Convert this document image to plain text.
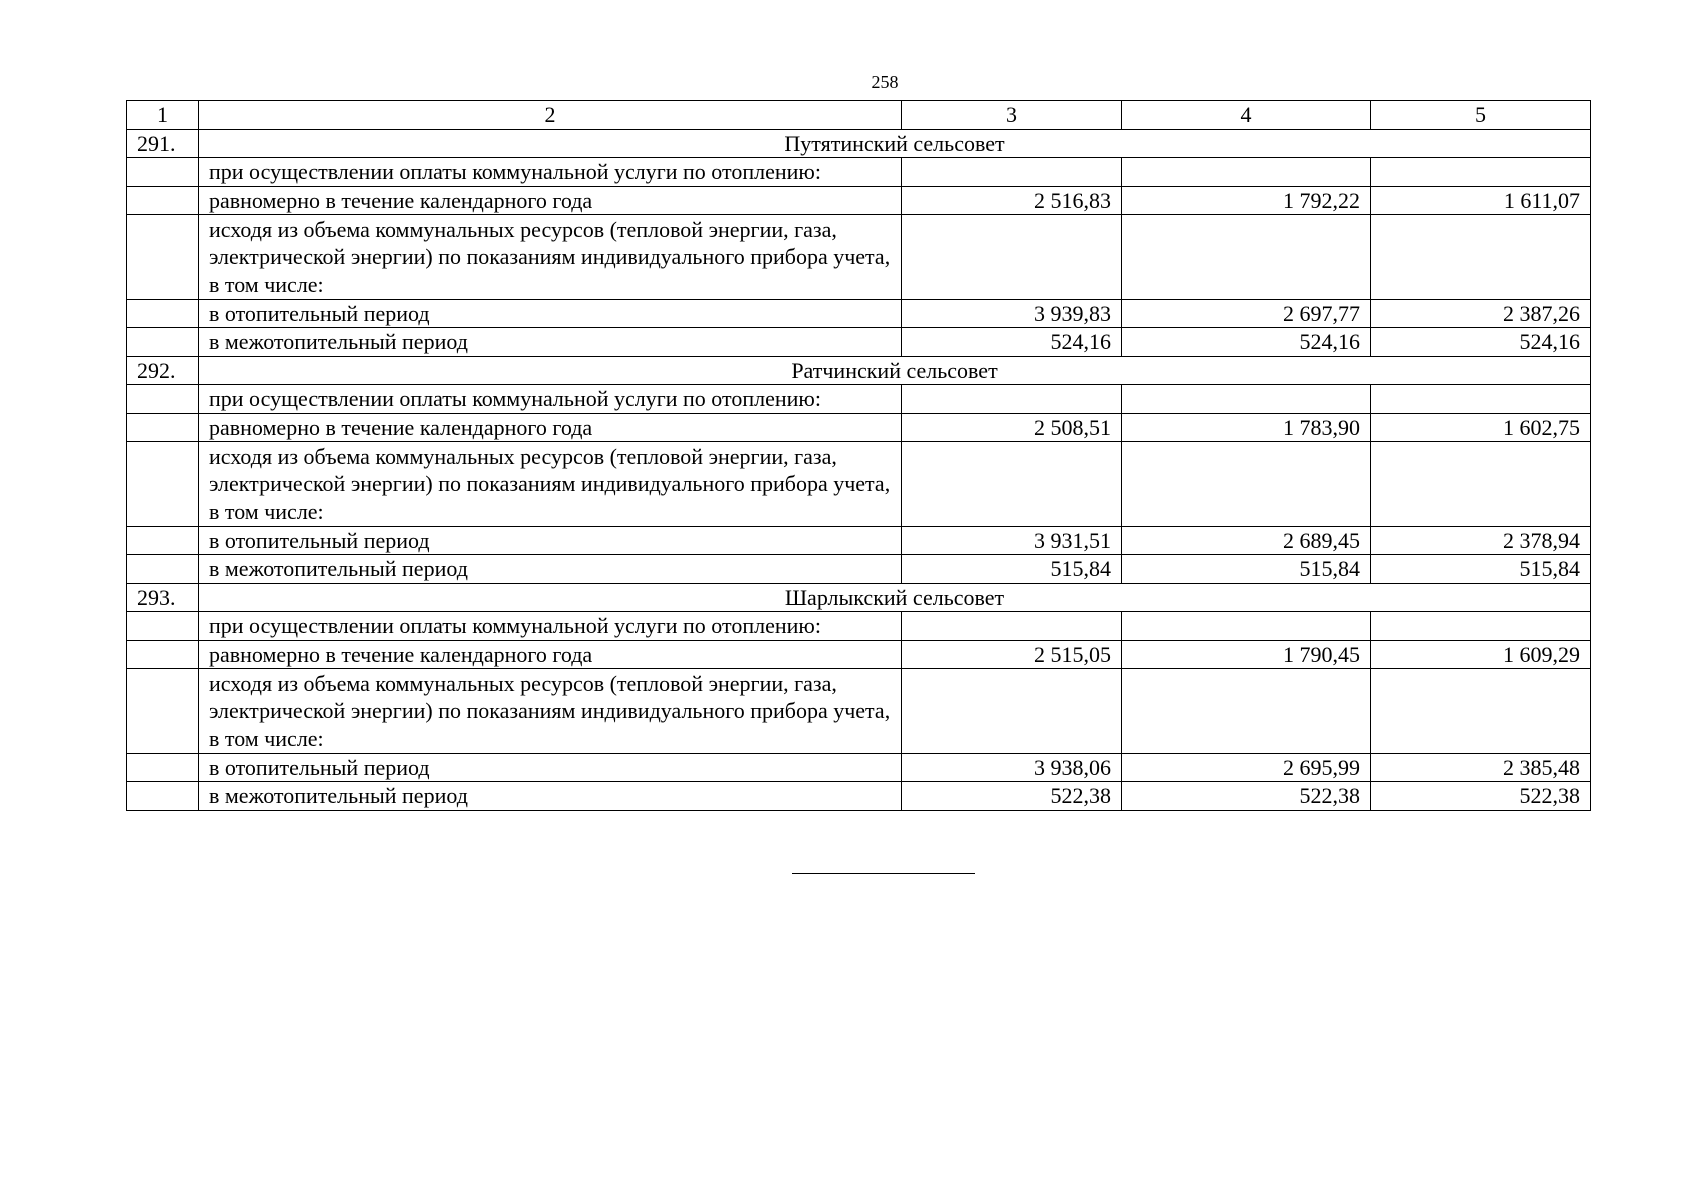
258
1	2	3	4	5
291.	Путятинский сельсовет			
	при осуществлении оплаты коммунальной услуги по отоплению:			
	равномерно в течение календарного года	2 516,83	1 792,22	1 611,07
	исходя из объема коммунальных ресурсов (тепловой энергии, газа, электрической энергии) по показаниям индивидуального прибора учета, в том числе:			
	в отопительный период	3 939,83	2 697,77	2 387,26
	в межотопительный период	524,16	524,16	524,16
292.	Ратчинский сельсовет			
	при осуществлении оплаты коммунальной услуги по отоплению:			
	равномерно в течение календарного года	2 508,51	1 783,90	1 602,75
	исходя из объема коммунальных ресурсов (тепловой энергии, газа, электрической энергии) по показаниям индивидуального прибора учета, в том числе:			
	в отопительный период	3 931,51	2 689,45	2 378,94
	в межотопительный период	515,84	515,84	515,84
293.	Шарлыкский сельсовет			
	при осуществлении оплаты коммунальной услуги по отоплению:			
	равномерно в течение календарного года	2 515,05	1 790,45	1 609,29
	исходя из объема коммунальных ресурсов (тепловой энергии, газа, электрической энергии) по показаниям индивидуального прибора учета, в том числе:			
	в отопительный период	3 938,06	2 695,99	2 385,48
	в межотопительный период	522,38	522,38	522,38
